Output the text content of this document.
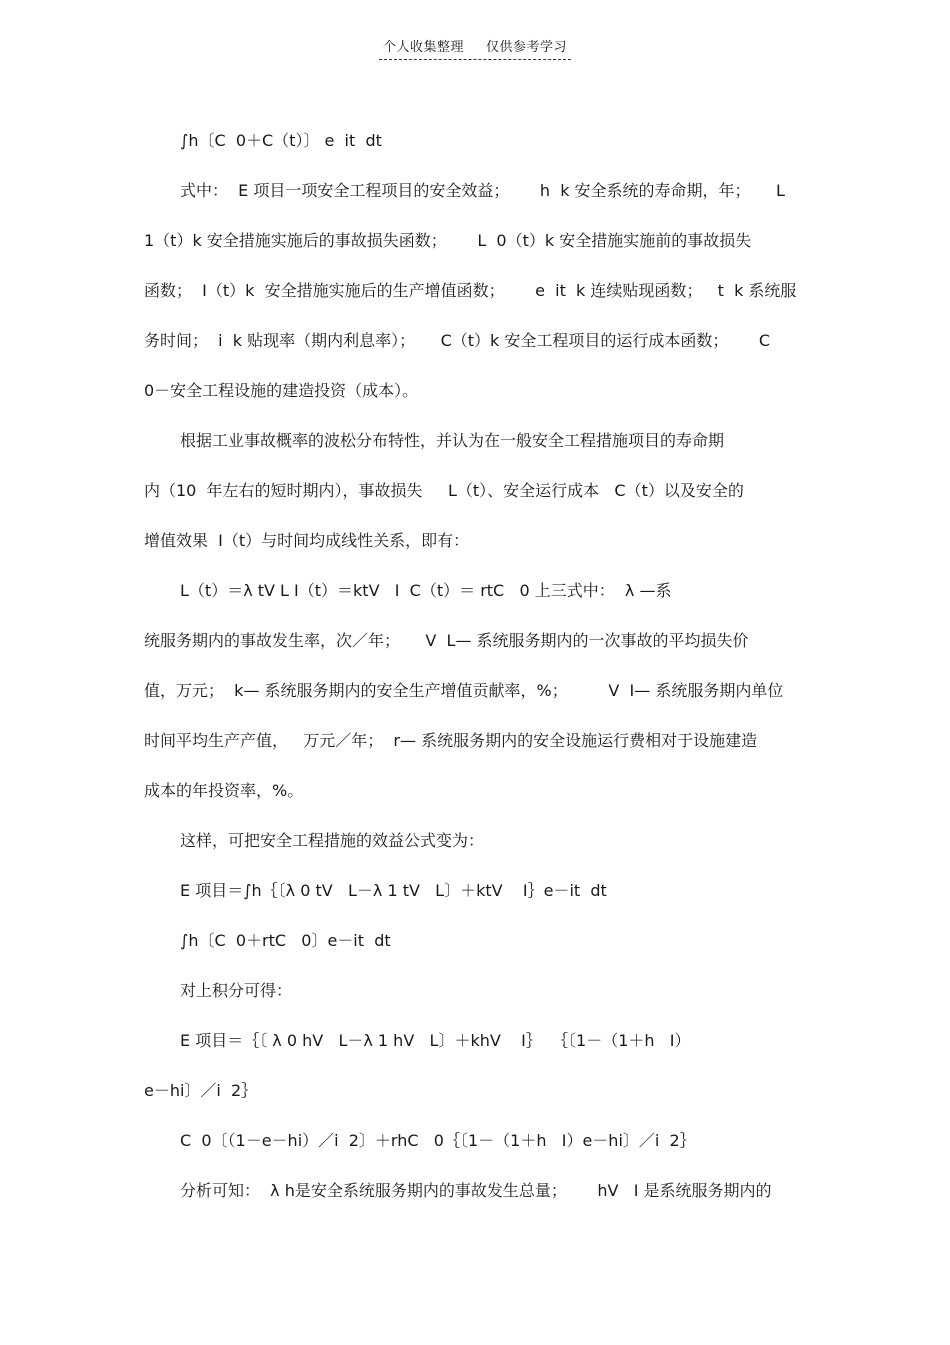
个人收集整理 仅供参考学习
∫h〔C  0＋C（t）〕 e  it  dt
式中：  E 项目一项安全工程项目的安全效益；      h  k 安全系统的寿命期，年；     L
1（t）k 安全措施实施后的事故损失函数；      L  0（t）k 安全措施实施前的事故损失
函数；  I（t）k  安全措施实施后的生产增值函数；      e  it  k 连续贴现函数；   t  k 系统服
务时间；  i  k 贴现率（期内利息率）；     C（t）k 安全工程项目的运行成本函数；      C
0－安全工程设施的建造投资（成本）。
根据工业事故概率的波松分布特性，并认为在一般安全工程措施项目的寿命期
内（10  年左右的短时期内），事故损失     L（t）、安全运行成本   C（t）以及安全的
增值效果  I（t）与时间均成线性关系，即有：
L（t）＝λ tV L I（t）＝ktV   I  C（t）＝ rtC   0 上三式中：  λ —系
统服务期内的事故发生率，次／年；     V  L— 系统服务期内的一次事故的平均损失价
值，万元；  k— 系统服务期内的安全生产增值贡献率，%；        V  I— 系统服务期内单位
时间平均生产产值，   万元／年；  r— 系统服务期内的安全设施运行费相对于设施建造
成本的年投资率，%。
这样，可把安全工程措施的效益公式变为：
E 项目＝∫h｛〔λ 0 tV   L－λ 1 tV   L〕＋ktV    I｝e－it  dt
∫h〔C  0＋rtC   0〕e－it  dt
对上积分可得：
E 项目＝｛〔 λ 0 hV   L－λ 1 hV   L〕＋khV    I｝  ｛〔1－（1＋h   I）
e－hi〕／i  2｝
C  0〔（1－e－hi）／i  2〕＋rhC   0｛〔1－（1＋h   I）e－hi〕／i  2｝
分析可知：  λ h是安全系统服务期内的事故发生总量；      hV   I 是系统服务期内的
